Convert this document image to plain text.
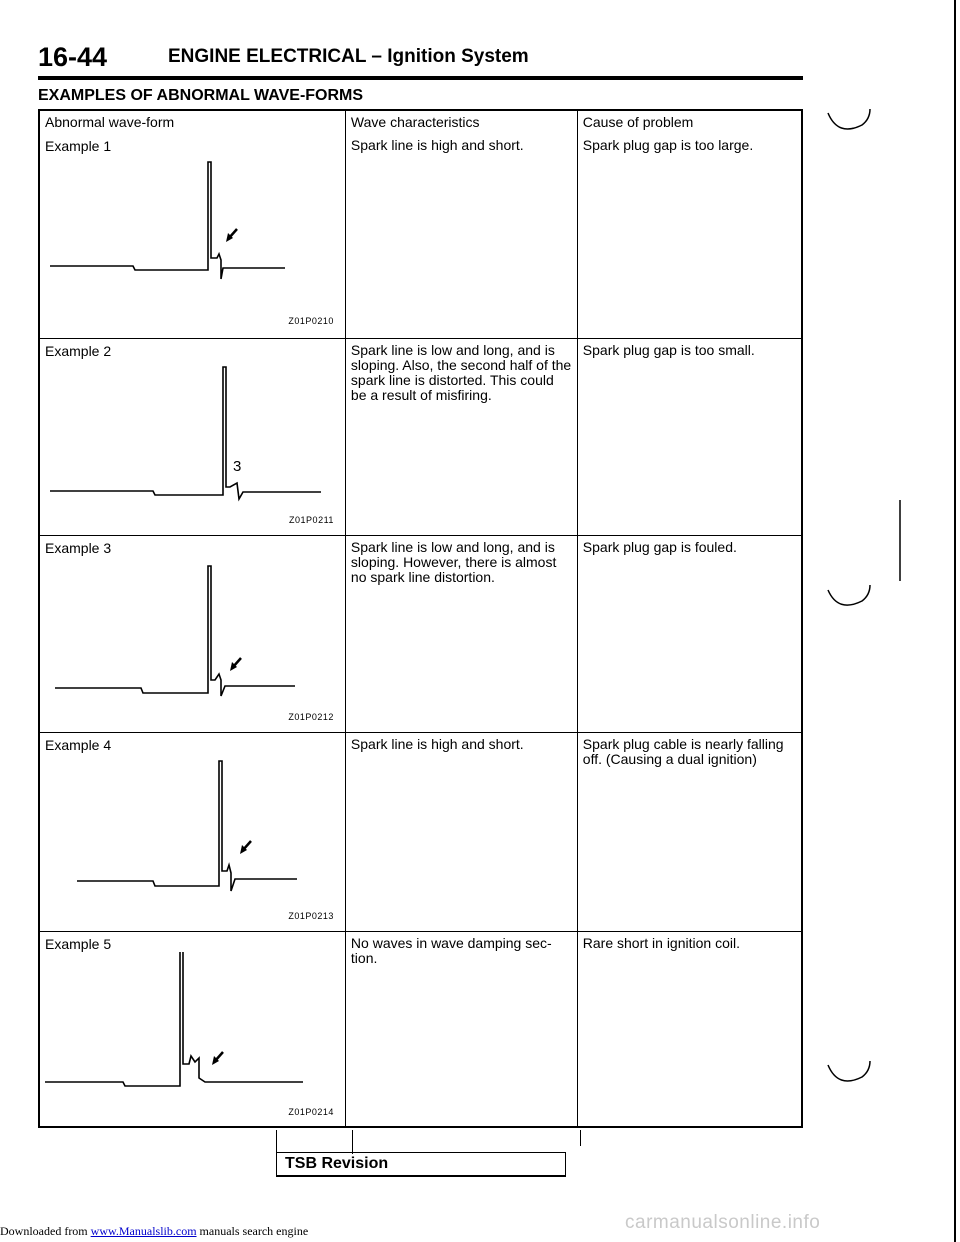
16-44	ENGINE ELECTRICAL – Ignition System
EXAMPLES OF ABNORMAL WAVE-FORMS
Abnormal wave-form	Wave characteristics	Cause of problem

Example 1
Z01P0210	Spark line is high and short.	Spark plug gap is too large.

Example 2
3
Z01P0211	Spark line is low and long, and is sloping. Also, the second half of the spark line is distorted. This could be a result of misfiring.	Spark plug gap is too small.

Example 3
Z01P0212	Spark line is low and long, and is sloping. However, there is almost no spark line distortion.	Spark plug gap is fouled.

Example 4
Z01P0213	Spark line is high and short.	Spark plug cable is nearly falling off. (Causing a dual ignition)

Example 5
Z01P0214	No waves in wave damping sec-tion.	Rare short in ignition coil.
TSB Revision
Downloaded from www.Manualslib.com manuals search engine	carmanualsonline.info
